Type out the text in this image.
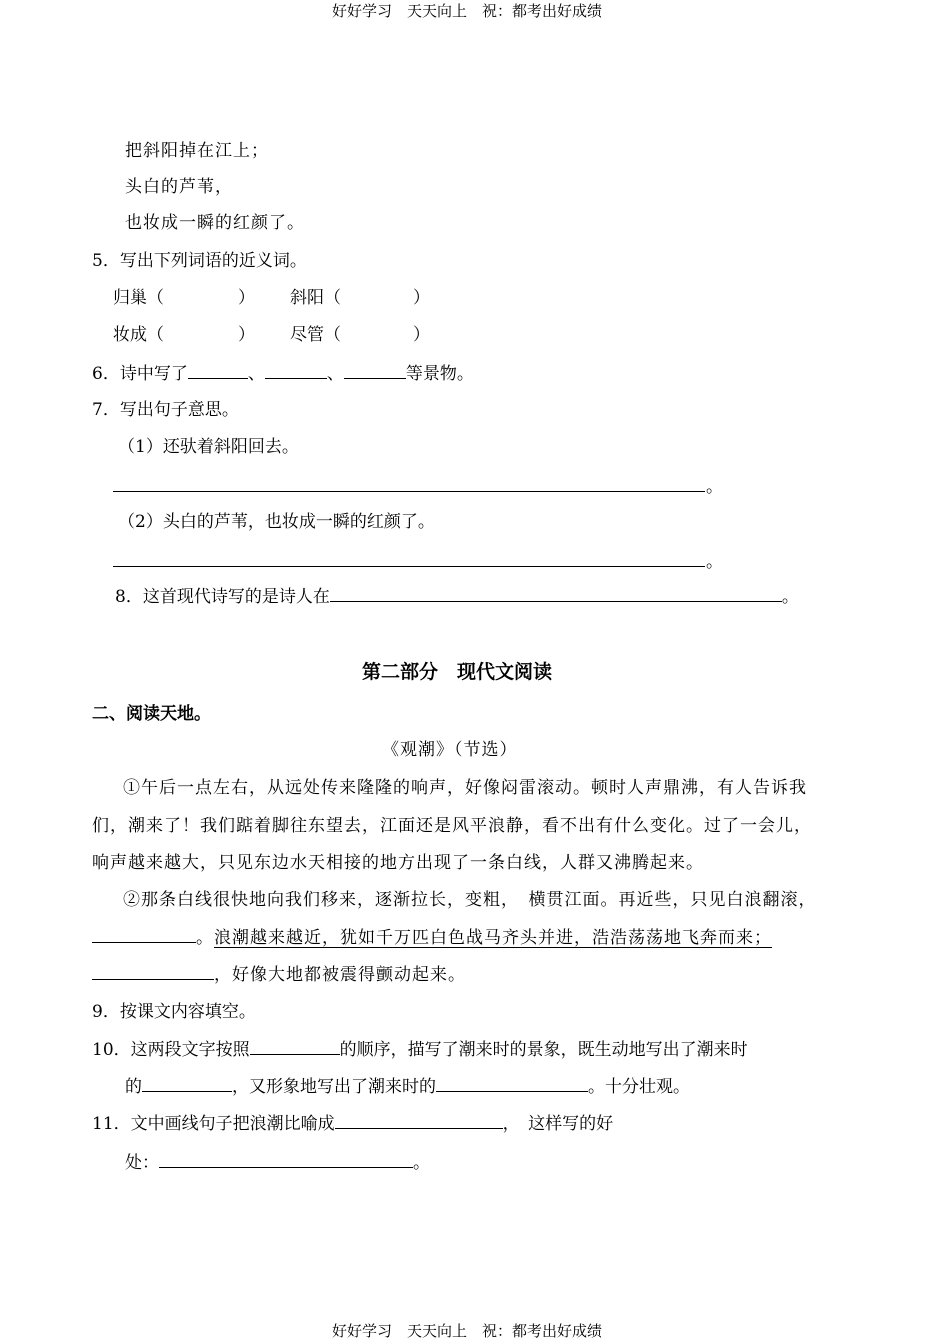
好好学习　天天向上　祝：都考出好成绩
把斜阳掉在江上；
头白的芦苇，
也妆成一瞬的红颜了。
5．写出下列词语的近义词。
归巢（	） 斜阳（	）
妆成（	） 尽管（	）
6．诗中写了	、	、	等景物。
7．写出句子意思。
（1）还驮着斜阳回去。
。
（2）头白的芦苇，也妆成一瞬的红颜了。
。
8．这首现代诗写的是诗人在	。
第二部分　现代文阅读
二、阅读天地。
《观潮》（节选）
①午后一点左右，从远处传来隆隆的响声，好像闷雷滚动。顿时人声鼎沸，有人告诉我
们，潮来了！我们踮着脚往东望去，江面还是风平浪静，看不出有什么变化。过了一会儿，
响声越来越大，只见东边水天相接的地方出现了一条白线，人群又沸腾起来。
②那条白线很快地向我们移来，逐渐拉长，变粗，　横贯江面。再近些，只见白浪翻滚，
。浪潮越来越近，犹如千万匹白色战马齐头并进，浩浩荡荡地飞奔而来；
，好像大地都被震得颤动起来。
9．按课文内容填空。
10．这两段文字按照	的顺序，描写了潮来时的景象，既生动地写出了潮来时
的	，又形象地写出了潮来时的	。十分壮观。
11．文中画线句子把浪潮比喻成	，　这样写的好
处：	。
好好学习　天天向上　祝：都考出好成绩
